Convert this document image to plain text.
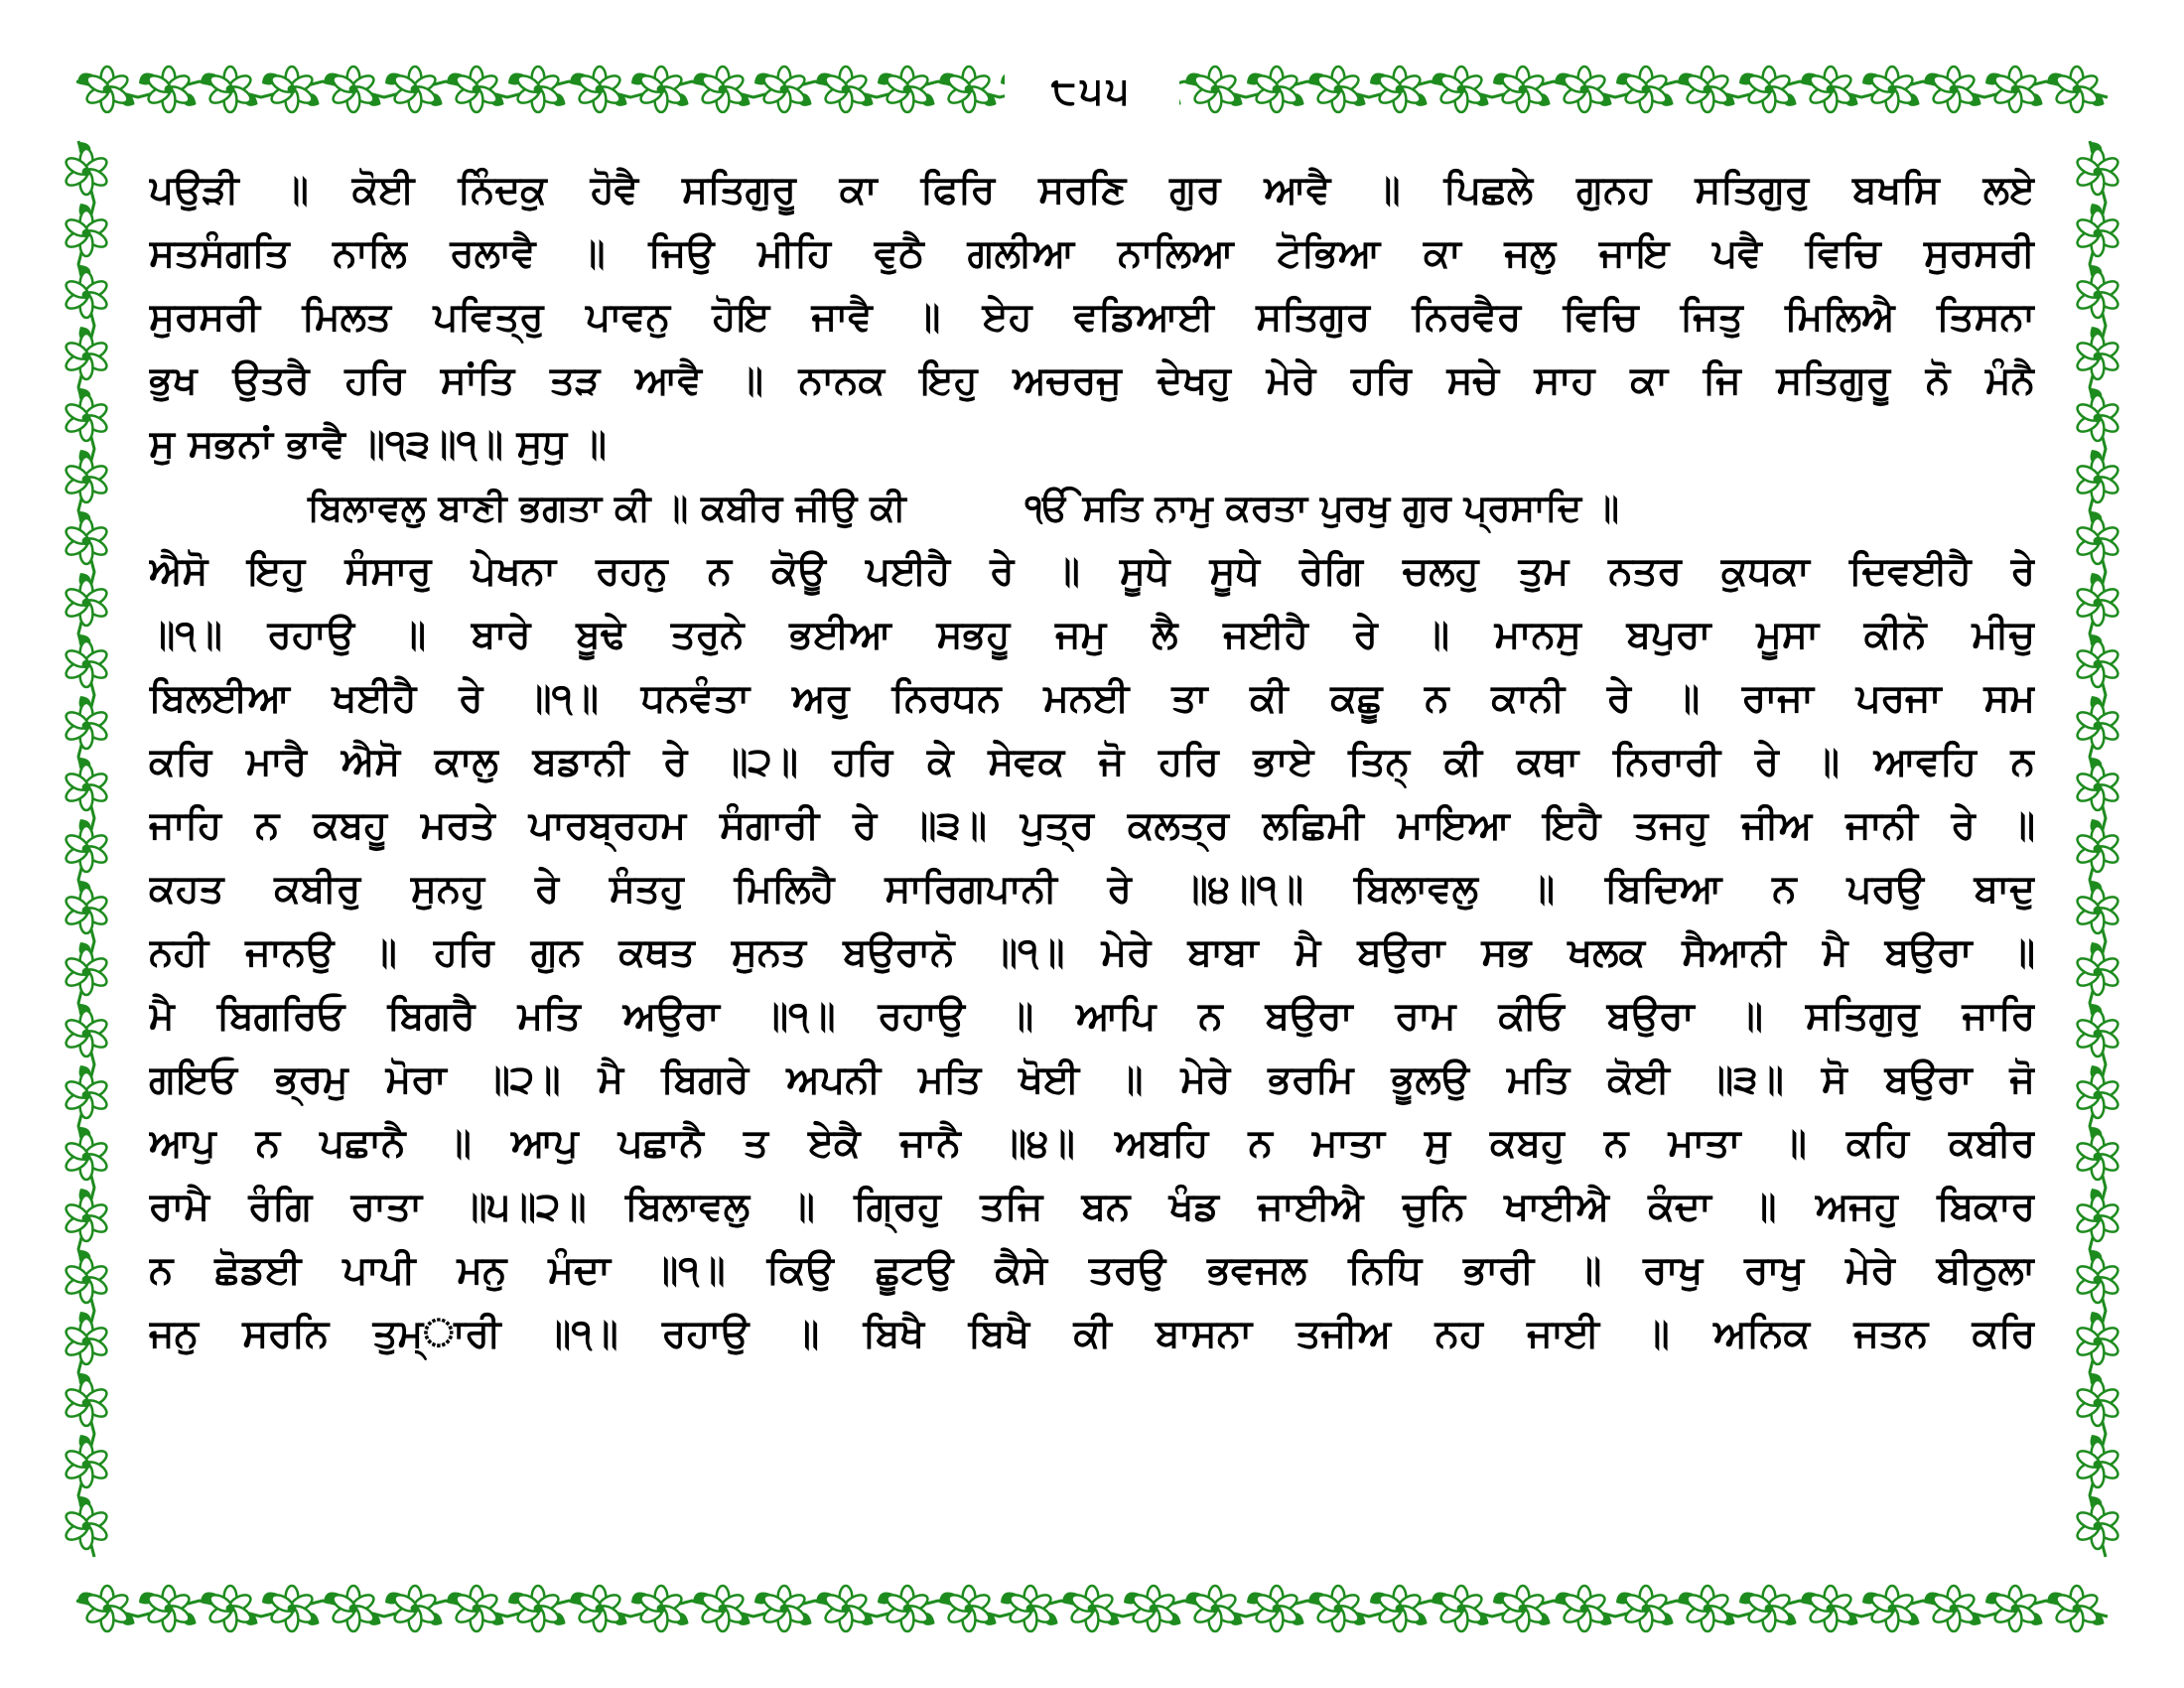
੮੫੫
ਪਉੜੀ ॥ ਕੋਈ ਨਿੰਦਕੁ ਹੋਵੈ ਸਤਿਗੁਰੂ ਕਾ ਫਿਰਿ ਸਰਣਿ ਗੁਰ ਆਵੈ ॥ ਪਿਛਲੇ ਗੁਨਹ ਸਤਿਗੁਰੁ ਬਖਸਿ ਲਏ
ਸਤਸੰਗਤਿ ਨਾਲਿ ਰਲਾਵੈ ॥ ਜਿਉ ਮੀਹਿ ਵੁਠੈ ਗਲੀਆ ਨਾਲਿਆ ਟੋਭਿਆ ਕਾ ਜਲੁ ਜਾਇ ਪਵੈ ਵਿਚਿ ਸੁਰਸਰੀ
ਸੁਰਸਰੀ ਮਿਲਤ ਪਵਿਤ੍ਰੁ ਪਾਵਨੁ ਹੋਇ ਜਾਵੈ ॥ ਏਹ ਵਡਿਆਈ ਸਤਿਗੁਰ ਨਿਰਵੈਰ ਵਿਚਿ ਜਿਤੁ ਮਿਲਿਐ ਤਿਸਨਾ
ਭੁਖ ਉਤਰੈ ਹਰਿ ਸਾਂਤਿ ਤੜ ਆਵੈ ॥ ਨਾਨਕ ਇਹੁ ਅਚਰਜੁ ਦੇਖਹੁ ਮੇਰੇ ਹਰਿ ਸਚੇ ਸਾਹ ਕਾ ਜਿ ਸਤਿਗੁਰੂ ਨੋ ਮੰਨੈ
ਸੁ ਸਭਨਾਂ ਭਾਵੈ ॥੧੩॥੧॥ ਸੁਧੁ ॥
ਬਿਲਾਵਲੁ ਬਾਣੀ ਭਗਤਾ ਕੀ ॥ ਕਬੀਰ ਜੀਉ ਕੀ	ੴ ਸਤਿ ਨਾਮੁ ਕਰਤਾ ਪੁਰਖੁ ਗੁਰ ਪ੍ਰਸਾਦਿ ॥
ਐਸੋ ਇਹੁ ਸੰਸਾਰੁ ਪੇਖਨਾ ਰਹਨੁ ਨ ਕੋਊ ਪਈਹੈ ਰੇ ॥ ਸੂਧੇ ਸੂਧੇ ਰੇਗਿ ਚਲਹੁ ਤੁਮ ਨਤਰ ਕੁਧਕਾ ਦਿਵਈਹੈ ਰੇ
॥੧॥ ਰਹਾਉ ॥ ਬਾਰੇ ਬੂਢੇ ਤਰੁਨੇ ਭਈਆ ਸਭਹੂ ਜਮੁ ਲੈ ਜਈਹੈ ਰੇ ॥ ਮਾਨਸੁ ਬਪੁਰਾ ਮੂਸਾ ਕੀਨੋ ਮੀਚੁ
ਬਿਲਈਆ ਖਈਹੈ ਰੇ ॥੧॥ ਧਨਵੰਤਾ ਅਰੁ ਨਿਰਧਨ ਮਨਈ ਤਾ ਕੀ ਕਛੂ ਨ ਕਾਨੀ ਰੇ ॥ ਰਾਜਾ ਪਰਜਾ ਸਮ
ਕਰਿ ਮਾਰੈ ਐਸੋ ਕਾਲੁ ਬਡਾਨੀ ਰੇ ॥੨॥ ਹਰਿ ਕੇ ਸੇਵਕ ਜੋ ਹਰਿ ਭਾਏ ਤਿਨ੍ ਕੀ ਕਥਾ ਨਿਰਾਰੀ ਰੇ ॥ ਆਵਹਿ ਨ
ਜਾਹਿ ਨ ਕਬਹੂ ਮਰਤੇ ਪਾਰਬ੍ਰਹਮ ਸੰਗਾਰੀ ਰੇ ॥੩॥ ਪੁਤ੍ਰ ਕਲਤ੍ਰ ਲਛਿਮੀ ਮਾਇਆ ਇਹੈ ਤਜਹੁ ਜੀਅ ਜਾਨੀ ਰੇ ॥
ਕਹਤ ਕਬੀਰੁ ਸੁਨਹੁ ਰੇ ਸੰਤਹੁ ਮਿਲਿਹੈ ਸਾਰਿਗਪਾਨੀ ਰੇ ॥੪॥੧॥ ਬਿਲਾਵਲੁ ॥ ਬਿਦਿਆ ਨ ਪਰਉ ਬਾਦੁ
ਨਹੀ ਜਾਨਉ ॥ ਹਰਿ ਗੁਨ ਕਥਤ ਸੁਨਤ ਬਉਰਾਨੋ ॥੧॥ ਮੇਰੇ ਬਾਬਾ ਮੈ ਬਉਰਾ ਸਭ ਖਲਕ ਸੈਆਨੀ ਮੈ ਬਉਰਾ ॥
ਮੈ ਬਿਗਰਿਓ ਬਿਗਰੈ ਮਤਿ ਅਉਰਾ ॥੧॥ ਰਹਾਉ ॥ ਆਪਿ ਨ ਬਉਰਾ ਰਾਮ ਕੀਓ ਬਉਰਾ ॥ ਸਤਿਗੁਰੁ ਜਾਰਿ
ਗਇਓ ਭ੍ਰਮੁ ਮੋਰਾ ॥੨॥ ਮੈ ਬਿਗਰੇ ਅਪਨੀ ਮਤਿ ਖੋਈ ॥ ਮੇਰੇ ਭਰਮਿ ਭੂਲਉ ਮਤਿ ਕੋਈ ॥੩॥ ਸੋ ਬਉਰਾ ਜੋ
ਆਪੁ ਨ ਪਛਾਨੈ ॥ ਆਪੁ ਪਛਾਨੈ ਤ ਏਕੈ ਜਾਨੈ ॥੪॥ ਅਬਹਿ ਨ ਮਾਤਾ ਸੁ ਕਬਹੁ ਨ ਮਾਤਾ ॥ ਕਹਿ ਕਬੀਰ
ਰਾਮੈ ਰੰਗਿ ਰਾਤਾ ॥੫॥੨॥ ਬਿਲਾਵਲੁ ॥ ਗ੍ਰਿਹੁ ਤਜਿ ਬਨ ਖੰਡ ਜਾਈਐ ਚੁਨਿ ਖਾਈਐ ਕੰਦਾ ॥ ਅਜਹੁ ਬਿਕਾਰ
ਨ ਛੋਡਈ ਪਾਪੀ ਮਨੁ ਮੰਦਾ ॥੧॥ ਕਿਉ ਛੂਟਉ ਕੈਸੇ ਤਰਉ ਭਵਜਲ ਨਿਧਿ ਭਾਰੀ ॥ ਰਾਖੁ ਰਾਖੁ ਮੇਰੇ ਬੀਠੁਲਾ
ਜਨੁ ਸਰਨਿ ਤੁਮ੍ਾਰੀ ॥੧॥ ਰਹਾਉ ॥ ਬਿਖੈ ਬਿਖੈ ਕੀ ਬਾਸਨਾ ਤਜੀਅ ਨਹ ਜਾਈ ॥ ਅਨਿਕ ਜਤਨ ਕਰਿ
